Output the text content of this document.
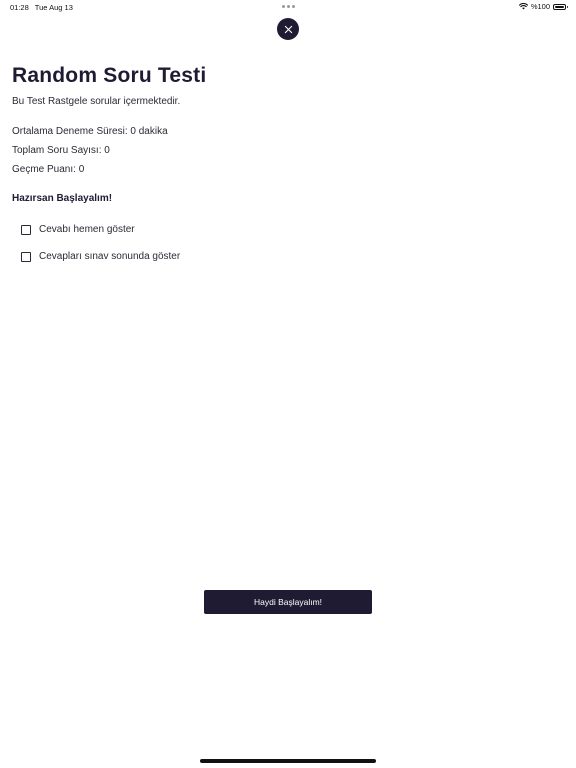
01:28 Tue Aug 13	%100
Random Soru Testi

Bu Test Rastgele sorular içermektedir.

Ortalama Deneme Süresi: 0 dakika

Toplam Soru Sayısı: 0

Geçme Puanı: 0

Hazırsan Başlayalım!

Cevabı hemen göster
Cevapları sınav sonunda göster
Haydi Başlayalım!
